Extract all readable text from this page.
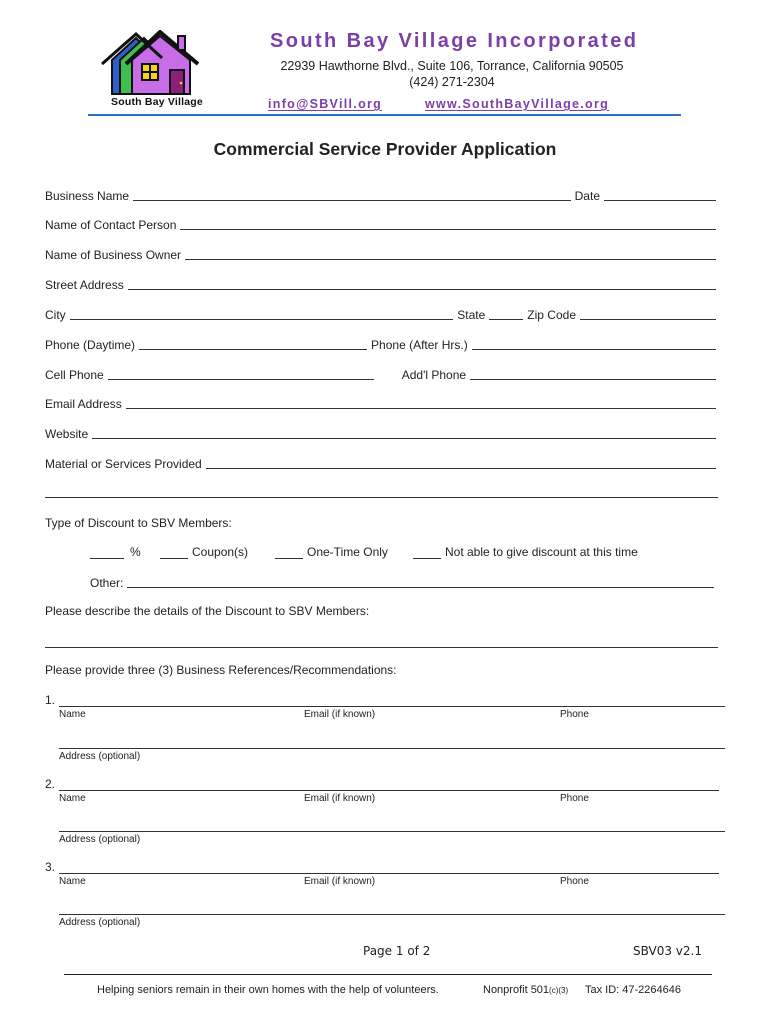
South Bay Village
South Bay Village Incorporated
22939 Hawthorne Blvd., Suite 106, Torrance, California 90505
(424) 271-2304
info@SBVill.org	www.SouthBayVillage.org
Commercial Service Provider Application
Business Name	Date
Name of Contact Person
Name of Business Owner
Street Address
City	State	Zip Code
Phone (Daytime)	Phone (After Hrs.)
Cell Phone	Add'l Phone
Email Address
Website
Material or Services Provided
Type of Discount to SBV Members:
%	Coupon(s)	One-Time Only	Not able to give discount at this time
Other:
Please describe the details of the Discount to SBV Members:
Please provide three (3) Business References/Recommendations:
1.
Name	Email (if known)	Phone
Address (optional)
2.
Name	Email (if known)	Phone
Address (optional)
3.
Name	Email (if known)	Phone
Address (optional)
Page 1 of 2	SBV03 v2.1
Helping seniors remain in their own homes with the help of volunteers.	Nonprofit 501(c)(3) Tax ID: 47-2264646
